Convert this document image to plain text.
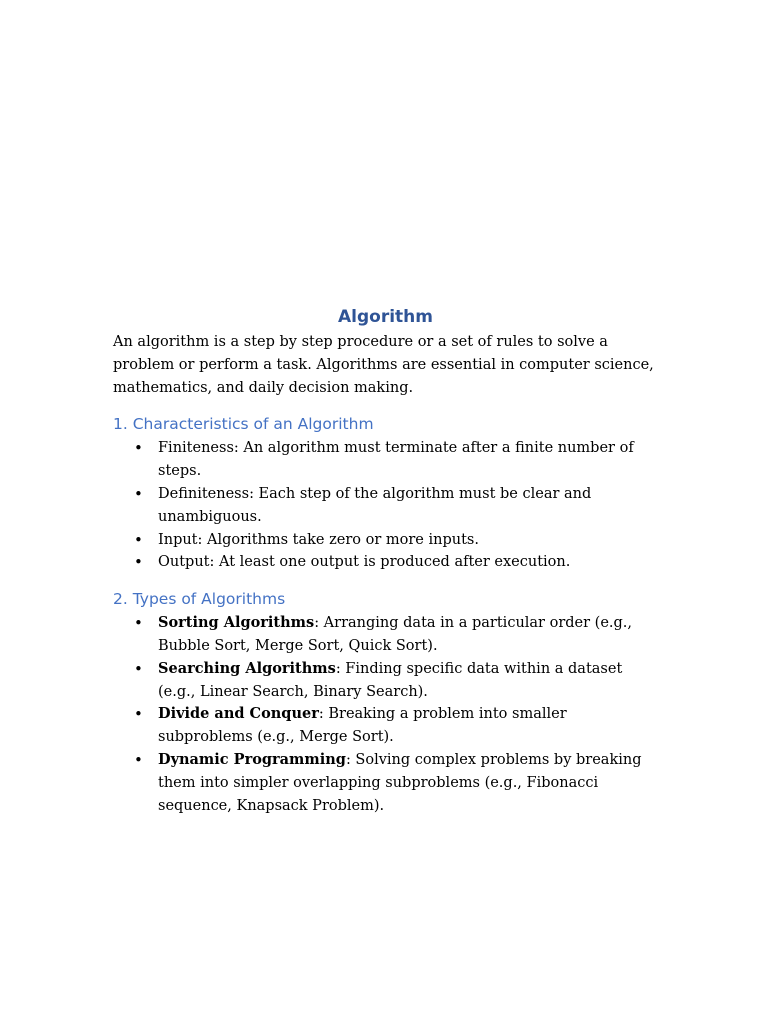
Algorithm

An algorithm is a step by step procedure or a set of rules to solve a problem or perform a task. Algorithms are essential in computer science, mathematics, and daily decision making.

1. Characteristics of an Algorithm
• Finiteness: An algorithm must terminate after a finite number of steps.
• Definiteness: Each step of the algorithm must be clear and unambiguous.
• Input: Algorithms take zero or more inputs.
• Output: At least one output is produced after execution.
2. Types of Algorithms
• Sorting Algorithms: Arranging data in a particular order (e.g., Bubble Sort, Merge Sort, Quick Sort).
• Searching Algorithms: Finding specific data within a dataset (e.g., Linear Search, Binary Search).
• Divide and Conquer: Breaking a problem into smaller subproblems (e.g., Merge Sort).
• Dynamic Programming: Solving complex problems by breaking them into simpler overlapping subproblems (e.g., Fibonacci sequence, Knapsack Problem).
